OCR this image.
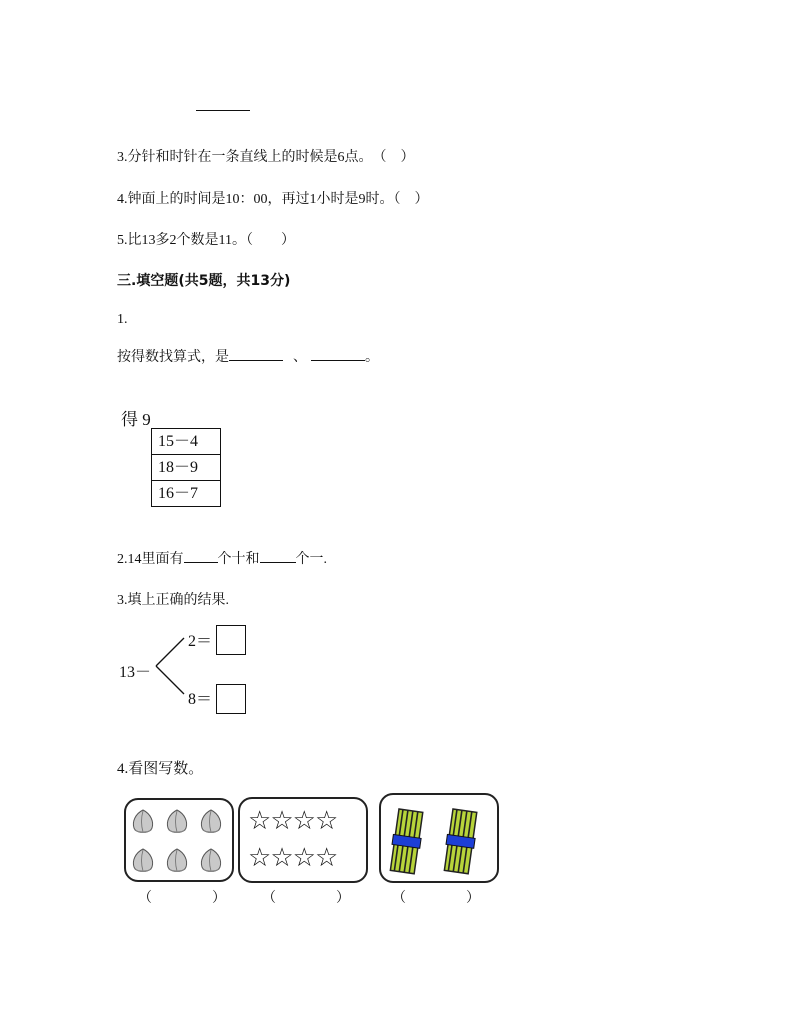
3.分针和时针在一条直线上的时候是6点。　（　）
4.钟面上的时间是10：00，再过1小时是9时。（　）
5.比13多2个数是11。（　　）
三.填空题(共5题，共13分)
1.
按得数找算式，是	、	。
得 9
15－4
18－9
16－7
2.14里面有 个十和	个一.
3.填上正确的结果.
13－
2＝
8＝
4.看图写数。
☆☆☆☆
☆☆☆☆
（	）	（	）	（	）
